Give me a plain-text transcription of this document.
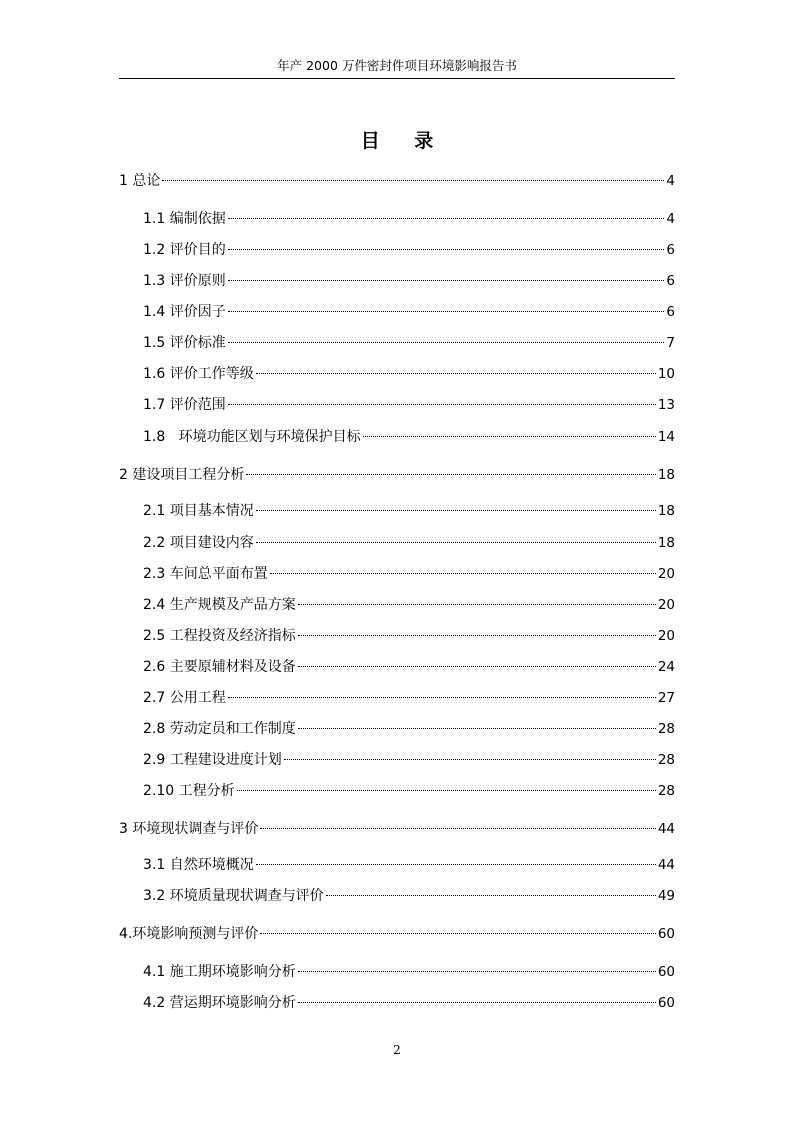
年产 2000 万件密封件项目环境影响报告书
目 录
1 总论	4
1.1 编制依据	4
1.2 评价目的	6
1.3 评价原则	6
1.4 评价因子	6
1.5 评价标准	7
1.6 评价工作等级	10
1.7 评价范围	13
1.8   环境功能区划与环境保护目标	14
2 建设项目工程分析	18
2.1 项目基本情况	18
2.2 项目建设内容	18
2.3 车间总平面布置	20
2.4 生产规模及产品方案	20
2.5 工程投资及经济指标	20
2.6 主要原辅材料及设备	24
2.7 公用工程	27
2.8 劳动定员和工作制度	28
2.9 工程建设进度计划	28
2.10 工程分析	28
3 环境现状调查与评价	44
3.1 自然环境概况	44
3.2 环境质量现状调查与评价	49
4.环境影响预测与评价	60
4.1 施工期环境影响分析	60
4.2 营运期环境影响分析	60
2
